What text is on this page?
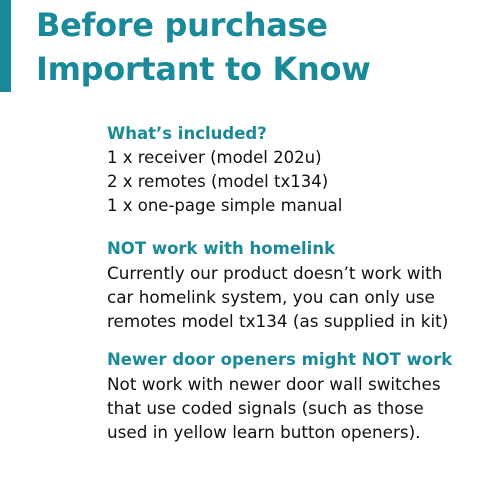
Before purchase
Important to Know
What’s included?
1 x receiver (model 202u)
2 x remotes (model tx134)
1 x one-page simple manual
NOT work with homelink
Currently our product doesn’t work with
car homelink system, you can only use
remotes model tx134 (as supplied in kit)
Newer door openers might NOT work
Not work with newer door wall switches
that use coded signals (such as those
used in yellow learn button openers).
